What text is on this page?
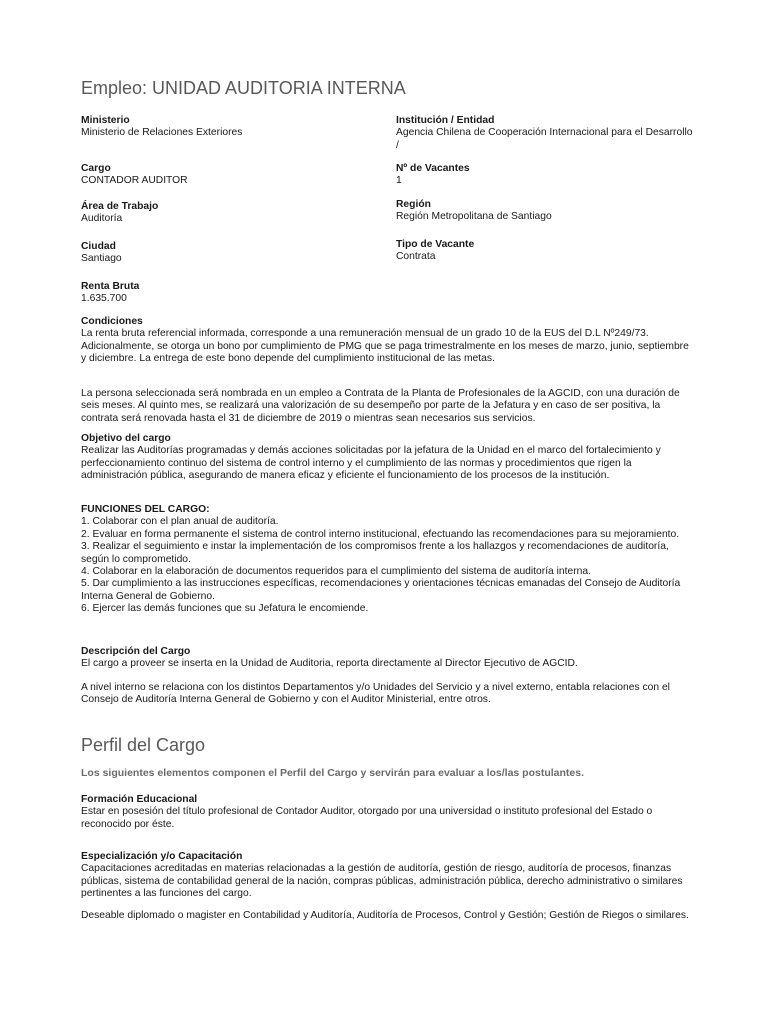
Empleo: UNIDAD AUDITORIA INTERNA
Ministerio
Ministerio de Relaciones Exteriores
Institución / Entidad
Agencia Chilena de Cooperación Internacional para el Desarrollo
/
Cargo
CONTADOR AUDITOR
Nº de Vacantes
1
Área de Trabajo
Auditoría
Región
Región Metropolitana de Santiago
Ciudad
Santiago
Tipo de Vacante
Contrata
Renta Bruta
1.635.700
Condiciones

La renta bruta referencial informada, corresponde a una remuneración mensual de un grado 10 de la EUS del D.L Nº249/73. Adicionalmente, se otorga un bono por cumplimiento de PMG que se paga trimestralmente en los meses de marzo, junio, septiembre y diciembre. La entrega de este bono depende del cumplimiento institucional de las metas.

La persona seleccionada será nombrada en un empleo a Contrata de la Planta de Profesionales de la AGCID, con una duración de seis meses. Al quinto mes, se realizará una valorización de su desempeño por parte de la Jefatura y en caso de ser positiva, la contrata será renovada hasta el 31 de diciembre de 2019 o mientras sean necesarios sus servicios.

Objetivo del cargo

Realizar las Auditorías programadas y demás acciones solicitadas por la jefatura de la Unidad en el marco del fortalecimiento y perfeccionamiento continuo del sistema de control interno y el cumplimiento de las normas y procedimientos que rigen la administración pública, asegurando de manera eficaz y eficiente el funcionamiento de los procesos de la institución.

FUNCIONES DEL CARGO:
1. Colaborar con el plan anual de auditoría.
2. Evaluar en forma permanente el sistema de control interno institucional, efectuando las recomendaciones para su mejoramiento.
3. Realizar el seguimiento e instar la implementación de los compromisos frente a los hallazgos y recomendaciones de auditoría, según lo comprometido.
4. Colaborar en la elaboración de documentos requeridos para el cumplimiento del sistema de auditoría interna.
5. Dar cumplimiento a las instrucciones específicas, recomendaciones y orientaciones técnicas emanadas del Consejo de Auditoría Interna General de Gobierno.
6. Ejercer las demás funciones que su Jefatura le encomiende.
Descripción del Cargo

El cargo a proveer se inserta en la Unidad de Auditoria, reporta directamente al Director Ejecutivo de AGCID.

A nivel interno se relaciona con los distintos Departamentos y/o Unidades del Servicio y a nivel externo, entabla relaciones con el Consejo de Auditoría Interna General de Gobierno y con el Auditor Ministerial, entre otros.

Perfil del Cargo
Los siguientes elementos componen el Perfil del Cargo y servirán para evaluar a los/las postulantes.
Formación Educacional

Estar en posesión del título profesional de Contador Auditor, otorgado por una universidad o instituto profesional del Estado o reconocido por éste.

Especialización y/o Capacitación

Capacitaciones acreditadas en materias relacionadas a la gestión de auditoría, gestión de riesgo, auditoría de procesos, finanzas públicas, sistema de contabilidad general de la nación, compras públicas, administración pública, derecho administrativo o similares pertinentes a las funciones del cargo.

Deseable diplomado o magister en Contabilidad y Auditoría, Auditoría de Procesos, Control y Gestión; Gestión de Riegos o similares.
